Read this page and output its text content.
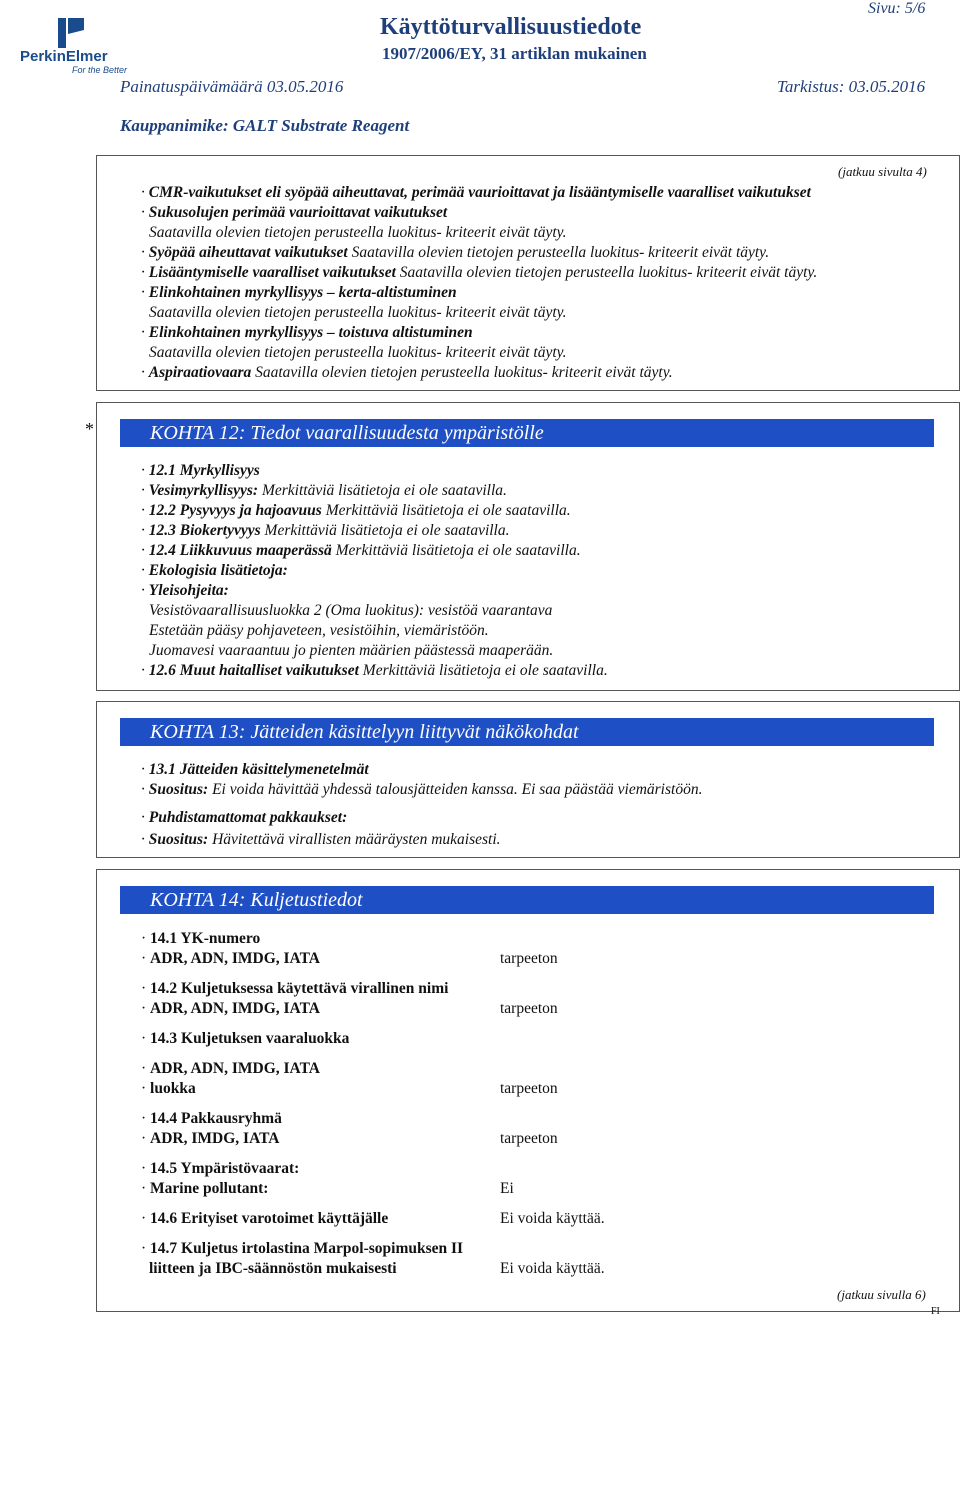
PerkinElmer
For the Better
Sivu: 5/6
Käyttöturvallisuustiedote
1907/2006/EY, 31 artiklan mukainen
Painatuspäivämäärä 03.05.2016	Tarkistus: 03.05.2016
Kauppanimike: GALT Substrate Reagent
(jatkuu sivulta 4)
· CMR-vaikutukset eli syöpää aiheuttavat, perimää vaurioittavat ja lisääntymiselle vaaralliset vaikutukset
· Sukusolujen perimää vaurioittavat vaikutukset
Saatavilla olevien tietojen perusteella luokitus- kriteerit eivät täyty.
· Syöpää aiheuttavat vaikutukset Saatavilla olevien tietojen perusteella luokitus- kriteerit eivät täyty.
· Lisääntymiselle vaaralliset vaikutukset Saatavilla olevien tietojen perusteella luokitus- kriteerit eivät täyty.
· Elinkohtainen myrkyllisyys – kerta-altistuminen
Saatavilla olevien tietojen perusteella luokitus- kriteerit eivät täyty.
· Elinkohtainen myrkyllisyys – toistuva altistuminen
Saatavilla olevien tietojen perusteella luokitus- kriteerit eivät täyty.
· Aspiraatiovaara Saatavilla olevien tietojen perusteella luokitus- kriteerit eivät täyty.
*	KOHTA 12: Tiedot vaarallisuudesta ympäristölle
· 12.1 Myrkyllisyys
· Vesimyrkyllisyys: Merkittäviä lisätietoja ei ole saatavilla.
· 12.2 Pysyvyys ja hajoavuus Merkittäviä lisätietoja ei ole saatavilla.
· 12.3 Biokertyvyys Merkittäviä lisätietoja ei ole saatavilla.
· 12.4 Liikkuvuus maaperässä Merkittäviä lisätietoja ei ole saatavilla.
· Ekologisia lisätietoja:
· Yleisohjeita:
Vesistövaarallisuusluokka 2 (Oma luokitus): vesistöä vaarantava
Estetään pääsy pohjaveteen, vesistöihin, viemäristöön.
Juomavesi vaaraantuu jo pienten määrien päästessä maaperään.
· 12.6 Muut haitalliset vaikutukset Merkittäviä lisätietoja ei ole saatavilla.
KOHTA 13: Jätteiden käsittelyyn liittyvät näkökohdat
· 13.1 Jätteiden käsittelymenetelmät
· Suositus: Ei voida hävittää yhdessä talousjätteiden kanssa. Ei saa päästää viemäristöön.
· Puhdistamattomat pakkaukset:
· Suositus: Hävitettävä virallisten määräysten mukaisesti.
KOHTA 14: Kuljetustiedot
· 14.1 YK-numero
· ADR, ADN, IMDG, IATA	tarpeeton
· 14.2 Kuljetuksessa käytettävä virallinen nimi
· ADR, ADN, IMDG, IATA	tarpeeton
· 14.3 Kuljetuksen vaaraluokka
· ADR, ADN, IMDG, IATA
· luokka	tarpeeton
· 14.4 Pakkausryhmä
· ADR, IMDG, IATA	tarpeeton
· 14.5 Ympäristövaarat:
· Marine pollutant:	Ei
· 14.6 Erityiset varotoimet käyttäjälle	Ei voida käyttää.
· 14.7 Kuljetus irtolastina Marpol-sopimuksen II
liitteen ja IBC-säännöstön mukaisesti	Ei voida käyttää.
(jatkuu sivulla 6)
FI
